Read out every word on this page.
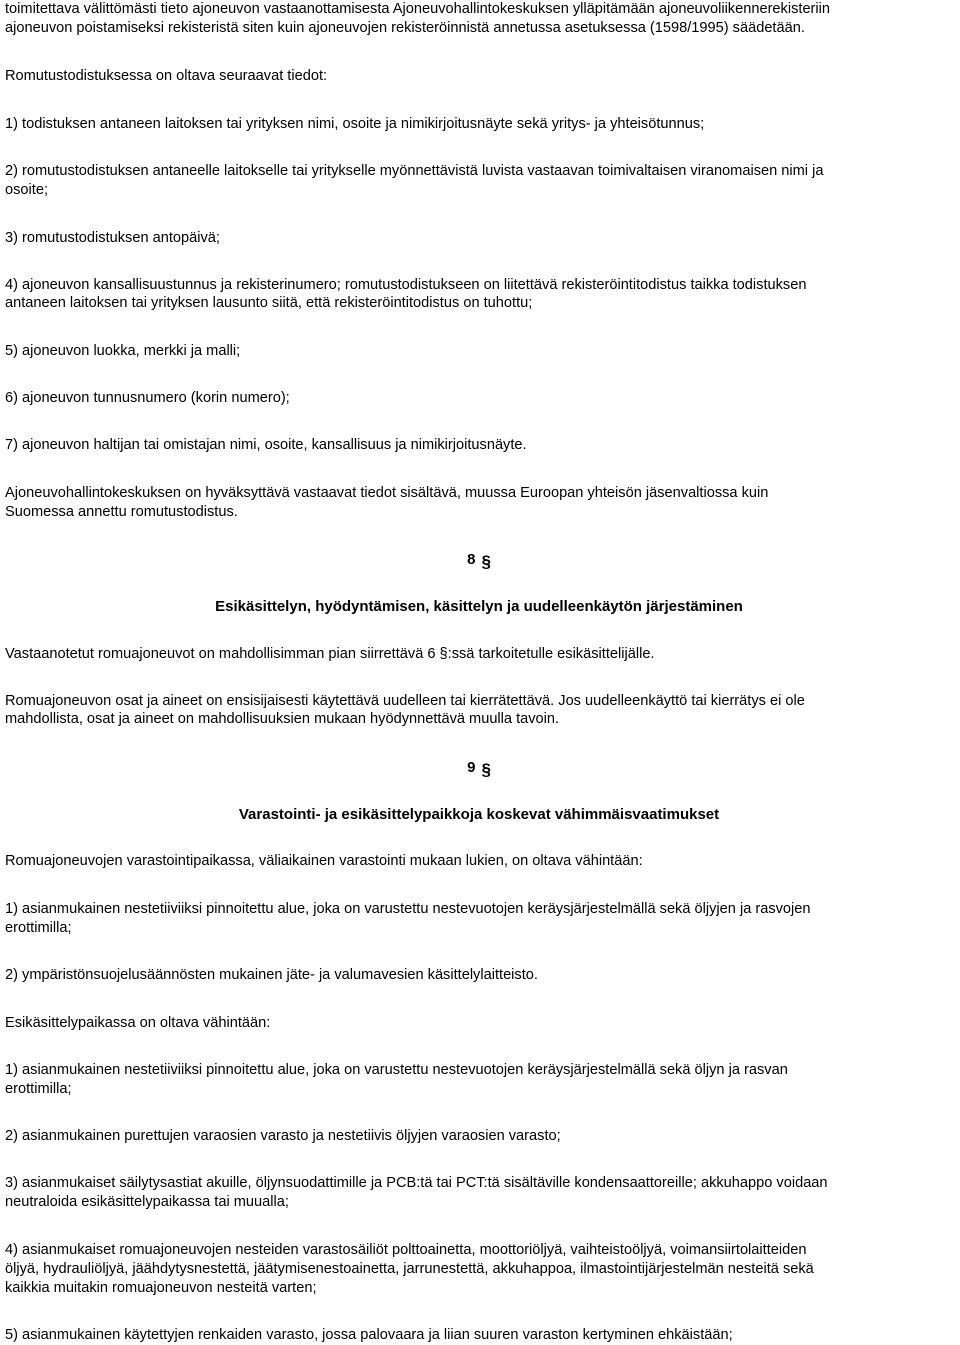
toimitettava välittömästi tieto ajoneuvon vastaanottamisesta Ajoneuvohallintokeskuksen ylläpitämään ajoneuvoliikennerekisteriin
ajoneuvon poistamiseksi rekisteristä siten kuin ajoneuvojen rekisteröinnistä annetussa asetuksessa (1598/1995) säädetään.
Romutustodistuksessa on oltava seuraavat tiedot:
1) todistuksen antaneen laitoksen tai yrityksen nimi, osoite ja nimikirjoitusnäyte sekä yritys- ja yhteisötunnus;
2) romutustodistuksen antaneelle laitokselle tai yritykselle myönnettävistä luvista vastaavan toimivaltaisen viranomaisen nimi ja
osoite;
3) romutustodistuksen antopäivä;
4) ajoneuvon kansallisuustunnus ja rekisterinumero; romutustodistukseen on liitettävä rekisteröintitodistus taikka todistuksen
antaneen laitoksen tai yrityksen lausunto siitä, että rekisteröintitodistus on tuhottu;
5) ajoneuvon luokka, merkki ja malli;
6) ajoneuvon tunnusnumero (korin numero);
7) ajoneuvon haltijan tai omistajan nimi, osoite, kansallisuus ja nimikirjoitusnäyte.
Ajoneuvohallintokeskuksen on hyväksyttävä vastaavat tiedot sisältävä, muussa Euroopan yhteisön jäsenvaltiossa kuin
Suomessa annettu romutustodistus.
8 §
Esikäsittelyn, hyödyntämisen, käsittelyn ja uudelleenkäytön järjestäminen
Vastaanotetut romuajoneuvot on mahdollisimman pian siirrettävä 6 §:ssä tarkoitetulle esikäsittelijälle.
Romuajoneuvon osat ja aineet on ensisijaisesti käytettävä uudelleen tai kierrätettävä. Jos uudelleenkäyttö tai kierrätys ei ole
mahdollista, osat ja aineet on mahdollisuuksien mukaan hyödynnettävä muulla tavoin.
9 §
Varastointi- ja esikäsittelypaikkoja koskevat vähimmäisvaatimukset
Romuajoneuvojen varastointipaikassa, väliaikainen varastointi mukaan lukien, on oltava vähintään:
1) asianmukainen nestetiiviiksi pinnoitettu alue, joka on varustettu nestevuotojen keräysjärjestelmällä sekä öljyjen ja rasvojen
erottimilla;
2) ympäristönsuojelusäännösten mukainen jäte- ja valumavesien käsittelylaitteisto.
Esikäsittelypaikassa on oltava vähintään:
1) asianmukainen nestetiiviiksi pinnoitettu alue, joka on varustettu nestevuotojen keräysjärjestelmällä sekä öljyn ja rasvan
erottimilla;
2) asianmukainen purettujen varaosien varasto ja nestetiivis öljyjen varaosien varasto;
3) asianmukaiset säilytysastiat akuille, öljynsuodattimille ja PCB:tä tai PCT:tä sisältäville kondensaattoreille; akkuhappo voidaan
neutraloida esikäsittelypaikassa tai muualla;
4) asianmukaiset romuajoneuvojen nesteiden varastosäiliöt polttoainetta, moottoriöljyä, vaihteistoöljyä, voimansiirtolaitteiden
öljyä, hydrauliöljyä, jäähdytysnestettä, jäätymisenestoainetta, jarrunestettä, akkuhappoa, ilmastointijärjestelmän nesteitä sekä
kaikkia muitakin romuajoneuvon nesteitä varten;
5) asianmukainen käytettyjen renkaiden varasto, jossa palovaara ja liian suuren varaston kertyminen ehkäistään;
